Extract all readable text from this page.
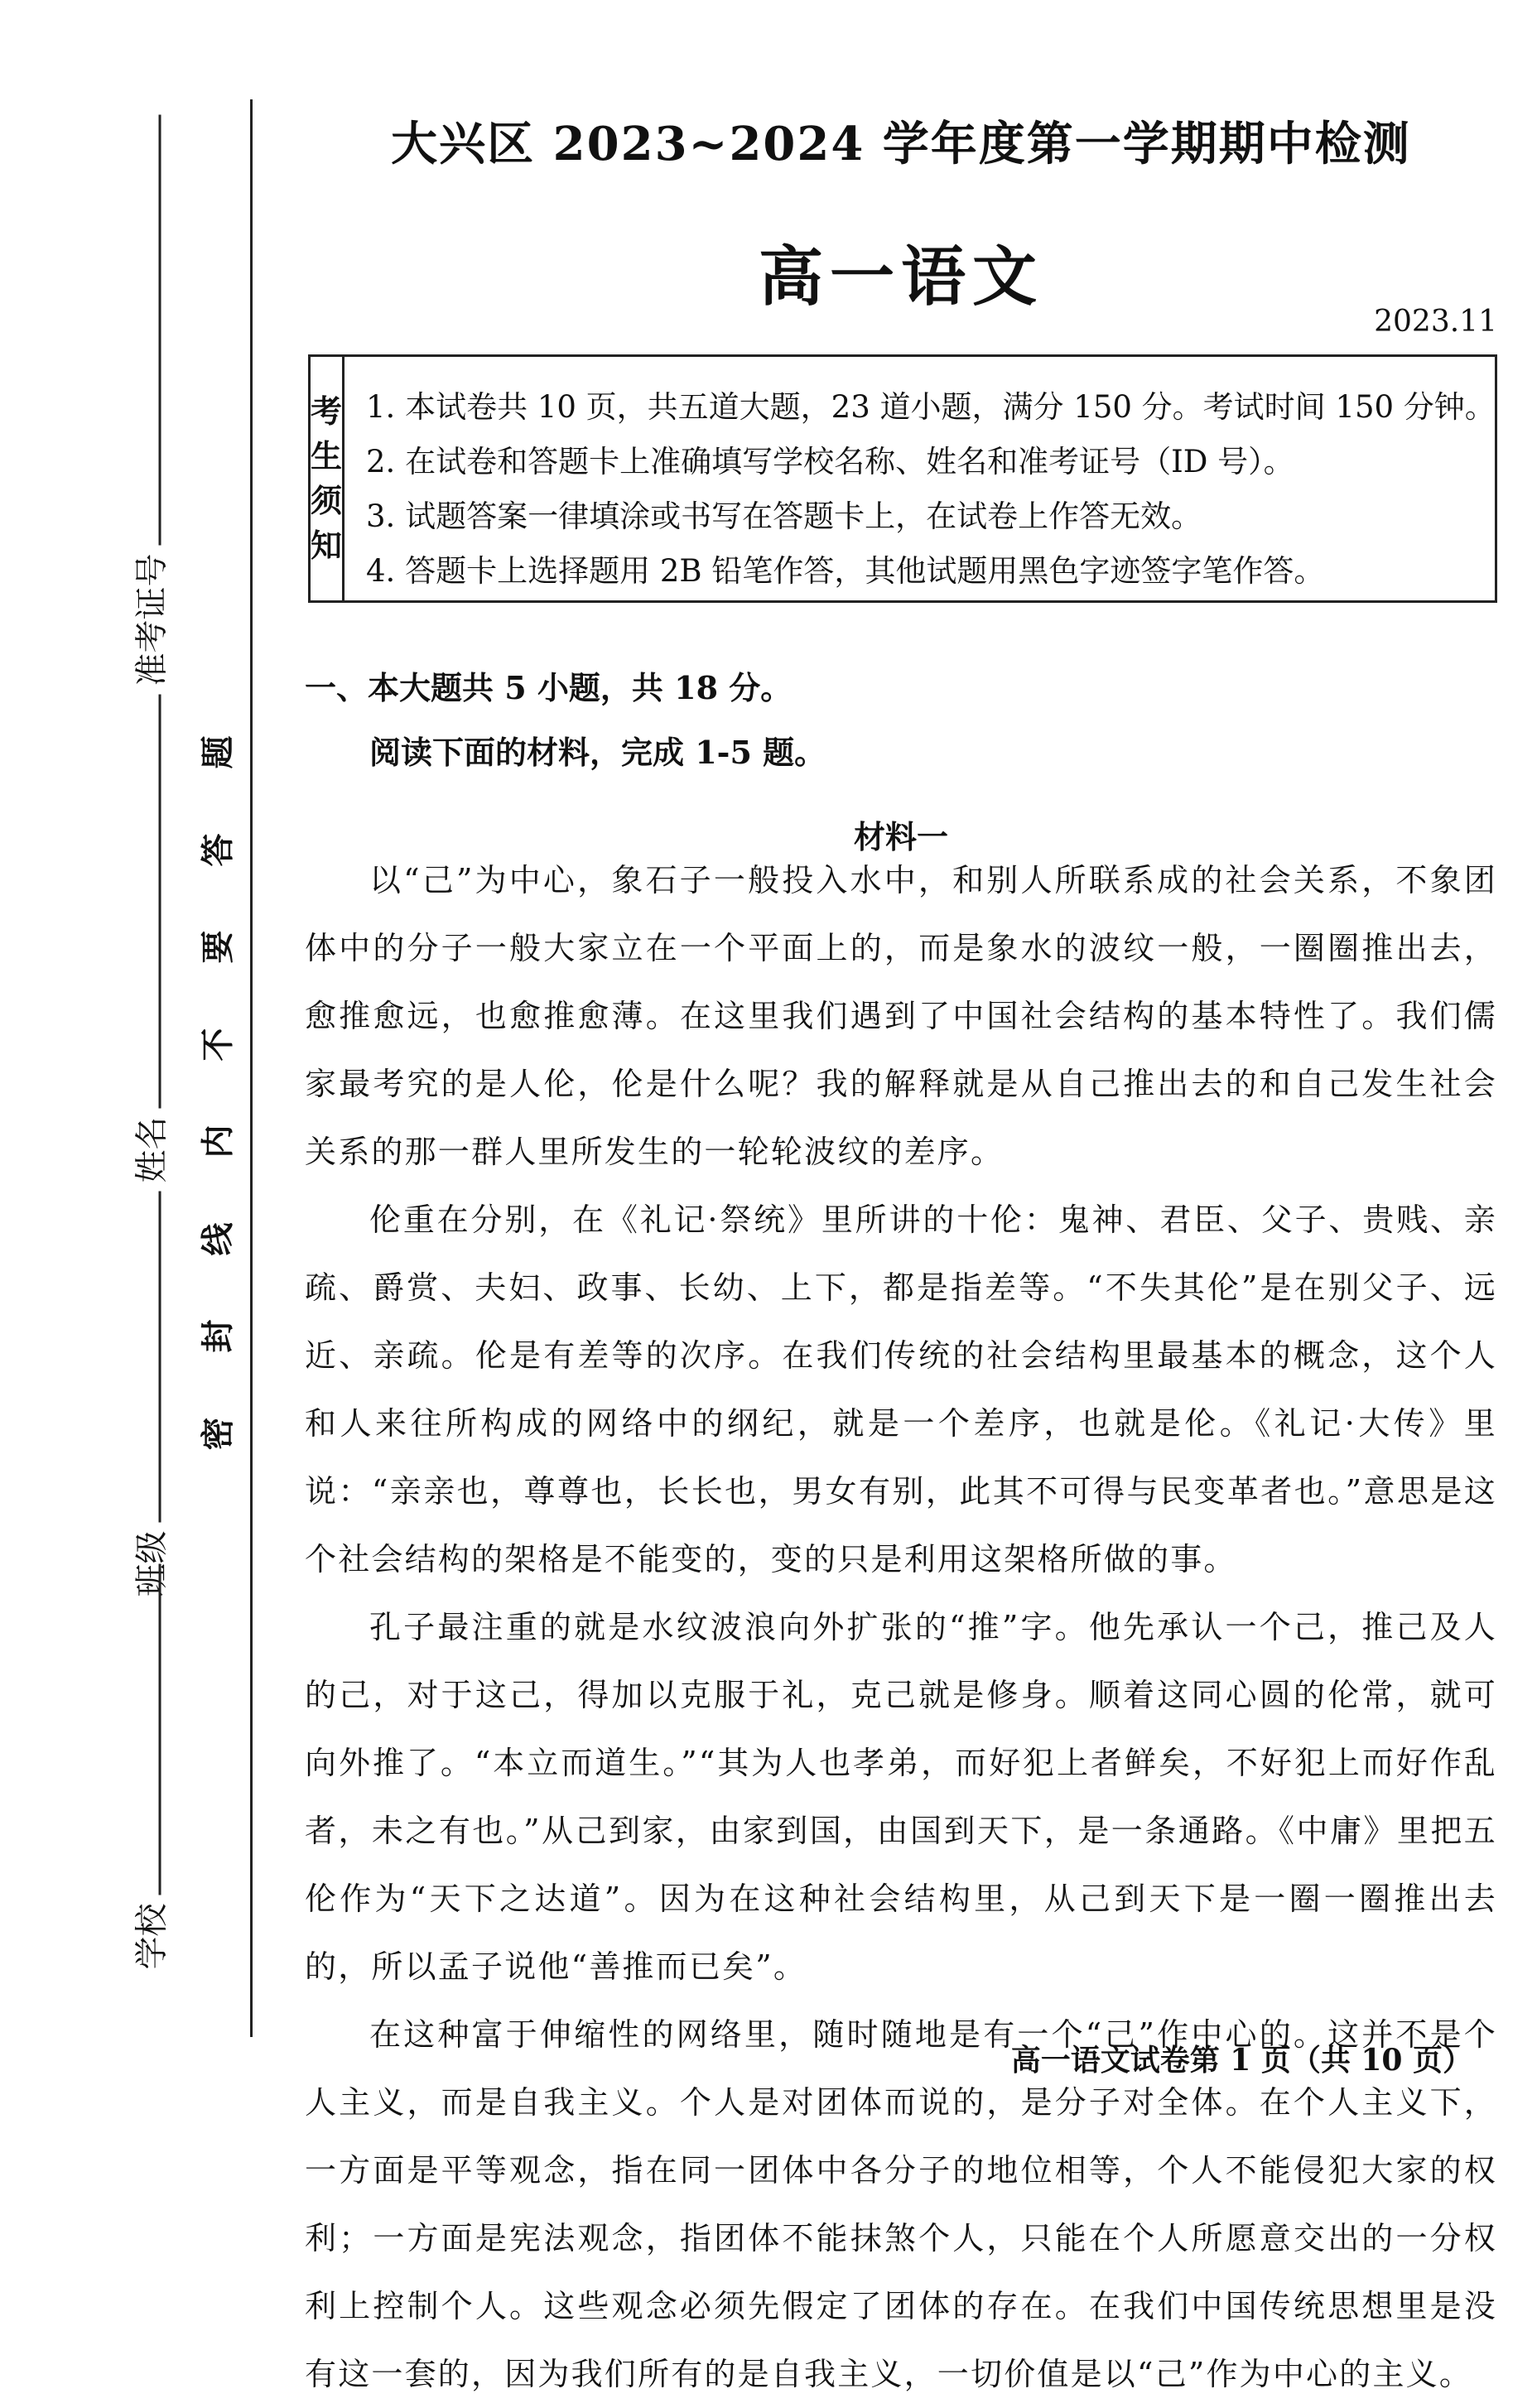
准考证号
姓名
班级
学校
题
答
要
不
内
线
封
密
大兴区 2023~2024 学年度第一学期期中检测
高一语文
2023.11
考
生
须
知
1. 本试卷共 10 页，共五道大题，23 道小题，满分 150 分。考试时间 150 分钟。
2. 在试卷和答题卡上准确填写学校名称、姓名和准考证号（ID 号）。
3. 试题答案一律填涂或书写在答题卡上，在试卷上作答无效。
4. 答题卡上选择题用 2B 铅笔作答，其他试题用黑色字迹签字笔作答。
一、本大题共 5 小题，共 18 分。
阅读下面的材料，完成 1-5 题。
材料一

以“己”为中心，象石子一般投入水中，和别人所联系成的社会关系，不象团体中的分子一般大家立在一个平面上的，而是象水的波纹一般，一圈圈推出去，愈推愈远，也愈推愈薄。在这里我们遇到了中国社会结构的基本特性了。我们儒家最考究的是人伦，伦是什么呢？我的解释就是从自己推出去的和自己发生社会关系的那一群人里所发生的一轮轮波纹的差序。

伦重在分别，在《礼记·祭统》里所讲的十伦：鬼神、君臣、父子、贵贱、亲疏、爵赏、夫妇、政事、长幼、上下，都是指差等。“不失其伦”是在别父子、远近、亲疏。伦是有差等的次序。在我们传统的社会结构里最基本的概念，这个人和人来往所构成的网络中的纲纪，就是一个差序，也就是伦。《礼记·大传》里说：“亲亲也，尊尊也，长长也，男女有别，此其不可得与民变革者也。”意思是这个社会结构的架格是不能变的，变的只是利用这架格所做的事。

孔子最注重的就是水纹波浪向外扩张的“推”字。他先承认一个己，推己及人的己，对于这己，得加以克服于礼，克己就是修身。顺着这同心圆的伦常，就可向外推了。“本立而道生。”“其为人也孝弟，而好犯上者鲜矣，不好犯上而好作乱者，未之有也。”从己到家，由家到国，由国到天下，是一条通路。《中庸》里把五伦作为“天下之达道”。因为在这种社会结构里，从己到天下是一圈一圈推出去的，所以孟子说他“善推而已矣”。

在这种富于伸缩性的网络里，随时随地是有一个“己”作中心的。这并不是个人主义，而是自我主义。个人是对团体而说的，是分子对全体。在个人主义下，一方面是平等观念，指在同一团体中各分子的地位相等，个人不能侵犯大家的权利；一方面是宪法观念，指团体不能抹煞个人，只能在个人所愿意交出的一分权利上控制个人。这些观念必须先假定了团体的存在。在我们中国传统思想里是没有这一套的，因为我们所有的是自我主义，一切价值是以“己”作为中心的主义。

高一语文试卷第 1 页（共 10 页）
